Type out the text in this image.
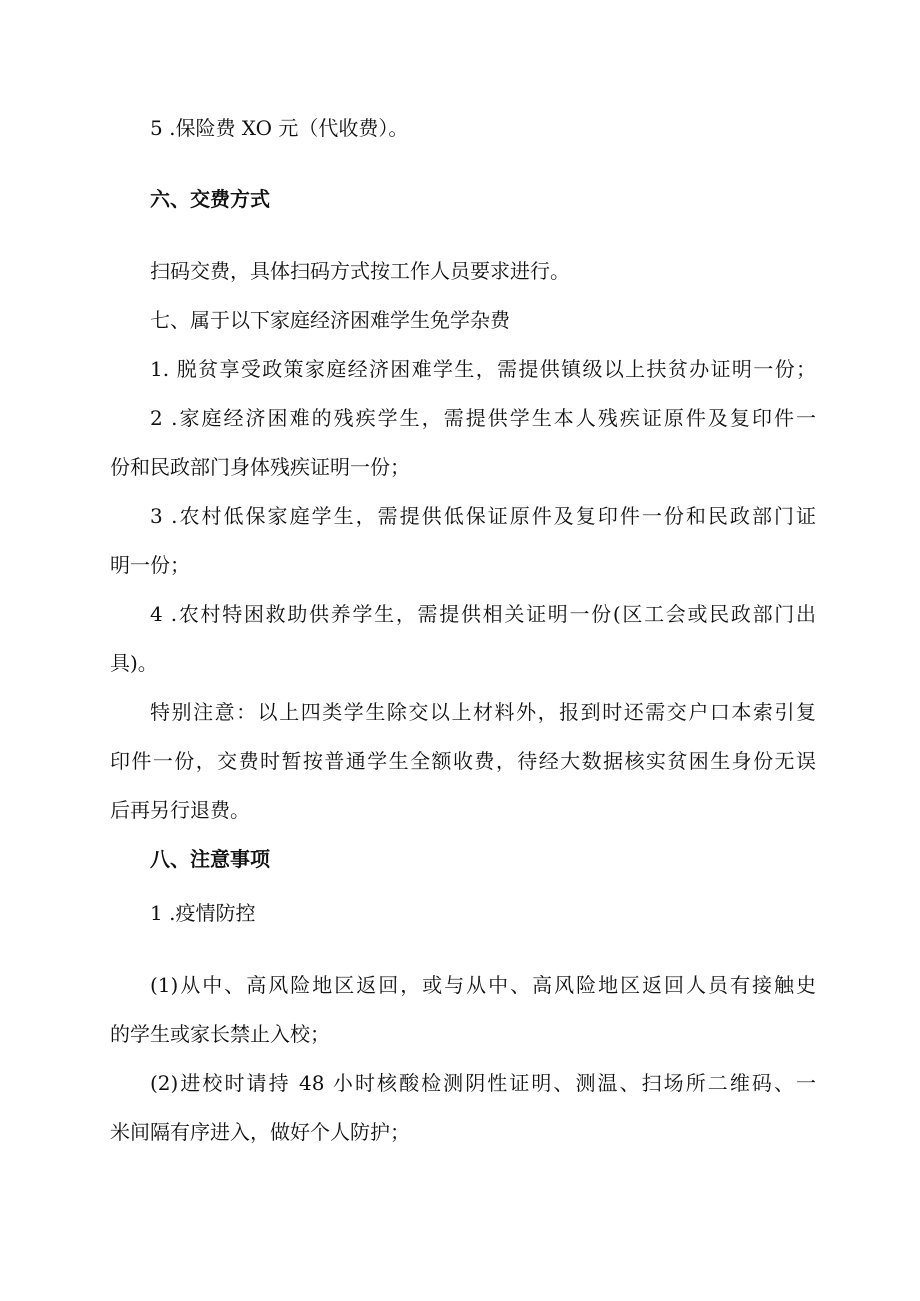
5 .保险费 XO 元（代收费）。
六、交费方式
扫码交费，具体扫码方式按工作人员要求进行。
七、属于以下家庭经济困难学生免学杂费
1. 脱贫享受政策家庭经济困难学生，需提供镇级以上扶贫办证明一份；
2 .家庭经济困难的残疾学生，需提供学生本人残疾证原件及复印件一
份和民政部门身体残疾证明一份；
3 .农村低保家庭学生，需提供低保证原件及复印件一份和民政部门证
明一份；
4 .农村特困救助供养学生，需提供相关证明一份(区工会或民政部门出
具)。
特别注意：以上四类学生除交以上材料外，报到时还需交户口本索引复
印件一份，交费时暂按普通学生全额收费，待经大数据核实贫困生身份无误
后再另行退费。
八、注意事项
1 .疫情防控
(1)从中、高风险地区返回，或与从中、高风险地区返回人员有接触史
的学生或家长禁止入校；
(2)进校时请持 48 小时核酸检测阴性证明、测温、扫场所二维码、一
米间隔有序进入，做好个人防护；
